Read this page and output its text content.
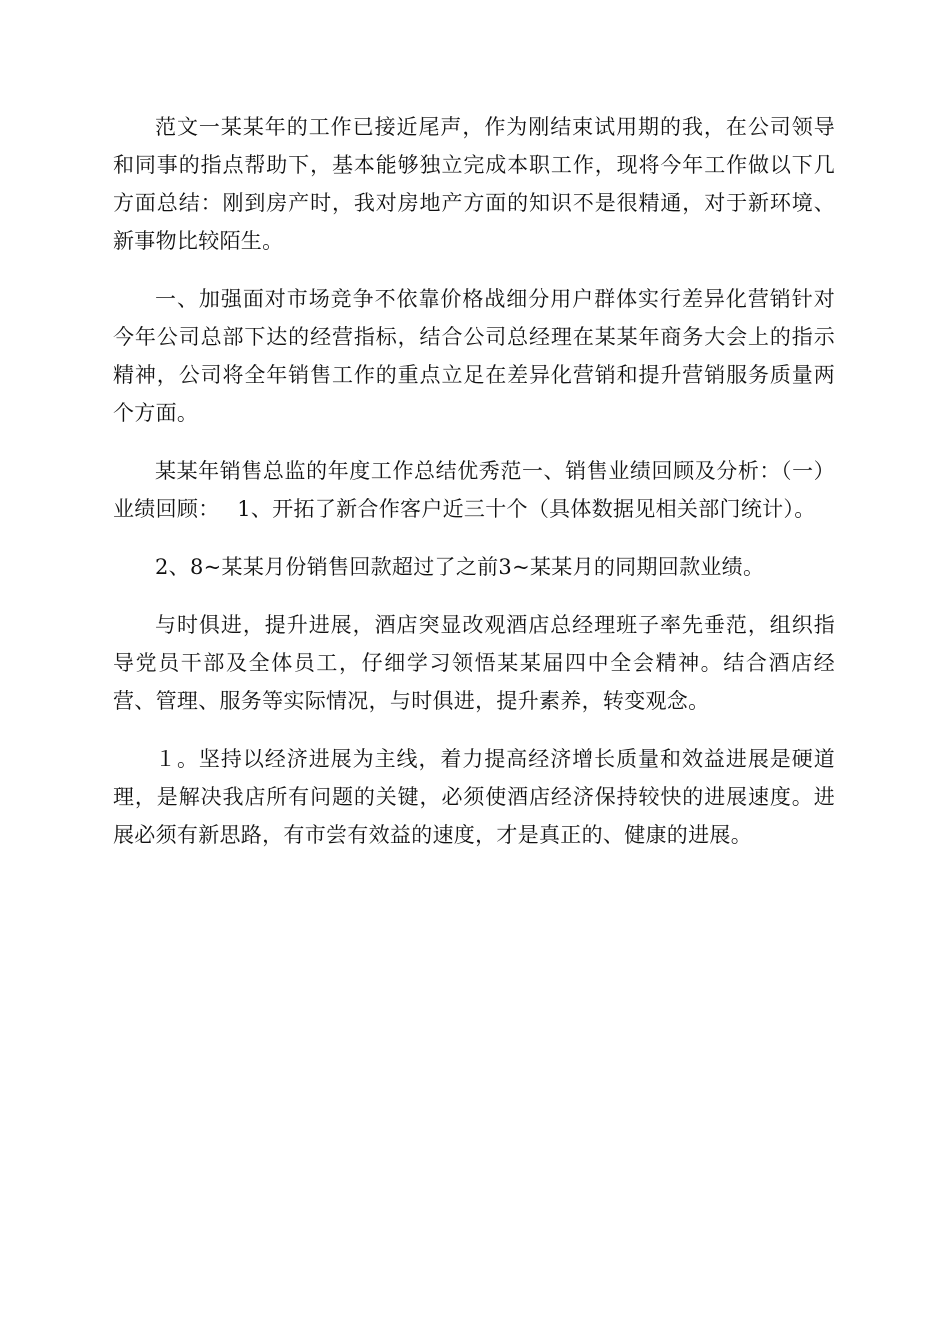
范文一某某年的工作已接近尾声，作为刚结束试用期的我，在公司领导和同事的指点帮助下，基本能够独立完成本职工作，现将今年工作做以下几方面总结：刚到房产时，我对房地产方面的知识不是很精通，对于新环境、新事物比较陌生。

一、加强面对市场竞争不依靠价格战细分用户群体实行差异化营销针对今年公司总部下达的经营指标，结合公司总经理在某某年商务大会上的指示精神，公司将全年销售工作的重点立足在差异化营销和提升营销服务质量两个方面。

某某年销售总监的年度工作总结优秀范一、销售业绩回顾及分析：（一）业绩回顾：　 1、开拓了新合作客户近三十个（具体数据见相关部门统计）。

2、8~某某月份销售回款超过了之前3~某某月的同期回款业绩。

与时俱进，提升进展，酒店突显改观酒店总经理班子率先垂范，组织指导党员干部及全体员工，仔细学习领悟某某届四中全会精神。结合酒店经营、管理、服务等实际情况，与时俱进，提升素养，转变观念。

１。坚持以经济进展为主线，着力提高经济增长质量和效益进展是硬道理，是解决我店所有问题的关键，必须使酒店经济保持较快的进展速度。进展必须有新思路，有市尝有效益的速度，才是真正的、健康的进展。
